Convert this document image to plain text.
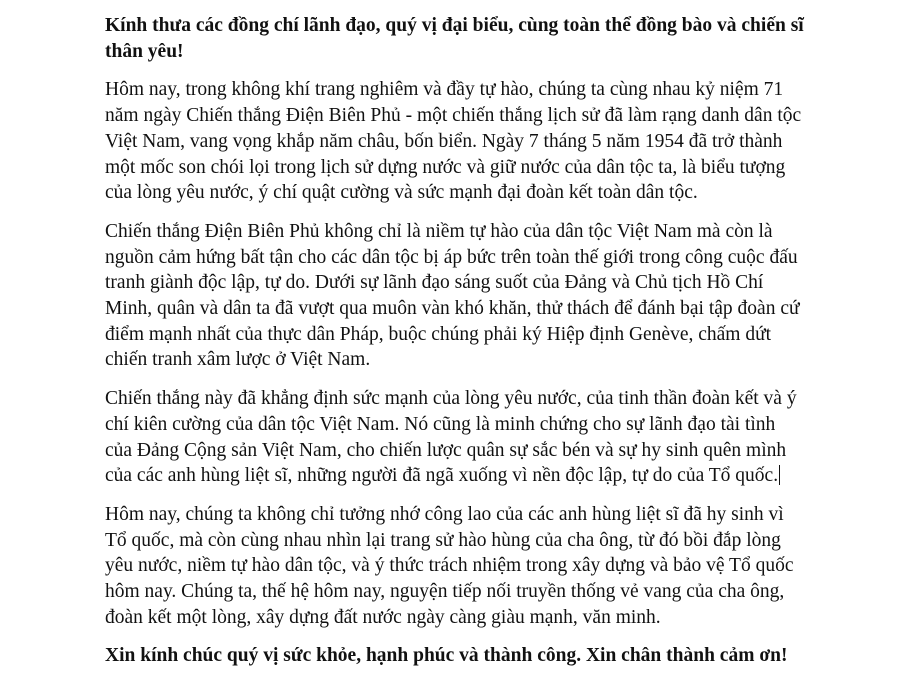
Kính thưa các đồng chí lãnh đạo, quý vị đại biểu, cùng toàn thể đồng bào và chiến sĩ thân yêu!

Hôm nay, trong không khí trang nghiêm và đầy tự hào, chúng ta cùng nhau kỷ niệm 71 năm ngày Chiến thắng Điện Biên Phủ - một chiến thắng lịch sử đã làm rạng danh dân tộc Việt Nam, vang vọng khắp năm châu, bốn biển. Ngày 7 tháng 5 năm 1954 đã trở thành một mốc son chói lọi trong lịch sử dựng nước và giữ nước của dân tộc ta, là biểu tượng của lòng yêu nước, ý chí quật cường và sức mạnh đại đoàn kết toàn dân tộc.

Chiến thắng Điện Biên Phủ không chỉ là niềm tự hào của dân tộc Việt Nam mà còn là nguồn cảm hứng bất tận cho các dân tộc bị áp bức trên toàn thế giới trong công cuộc đấu tranh giành độc lập, tự do. Dưới sự lãnh đạo sáng suốt của Đảng và Chủ tịch Hồ Chí Minh, quân và dân ta đã vượt qua muôn vàn khó khăn, thử thách để đánh bại tập đoàn cứ điểm mạnh nhất của thực dân Pháp, buộc chúng phải ký Hiệp định Genève, chấm dứt chiến tranh xâm lược ở Việt Nam.

Chiến thắng này đã khẳng định sức mạnh của lòng yêu nước, của tinh thần đoàn kết và ý chí kiên cường của dân tộc Việt Nam. Nó cũng là minh chứng cho sự lãnh đạo tài tình của Đảng Cộng sản Việt Nam, cho chiến lược quân sự sắc bén và sự hy sinh quên mình của các anh hùng liệt sĩ, những người đã ngã xuống vì nền độc lập, tự do của Tổ quốc.

Hôm nay, chúng ta không chỉ tưởng nhớ công lao của các anh hùng liệt sĩ đã hy sinh vì Tổ quốc, mà còn cùng nhau nhìn lại trang sử hào hùng của cha ông, từ đó bồi đắp lòng yêu nước, niềm tự hào dân tộc, và ý thức trách nhiệm trong xây dựng và bảo vệ Tổ quốc hôm nay. Chúng ta, thế hệ hôm nay, nguyện tiếp nối truyền thống vẻ vang của cha ông, đoàn kết một lòng, xây dựng đất nước ngày càng giàu mạnh, văn minh.

Xin kính chúc quý vị sức khỏe, hạnh phúc và thành công. Xin chân thành cảm ơn!
